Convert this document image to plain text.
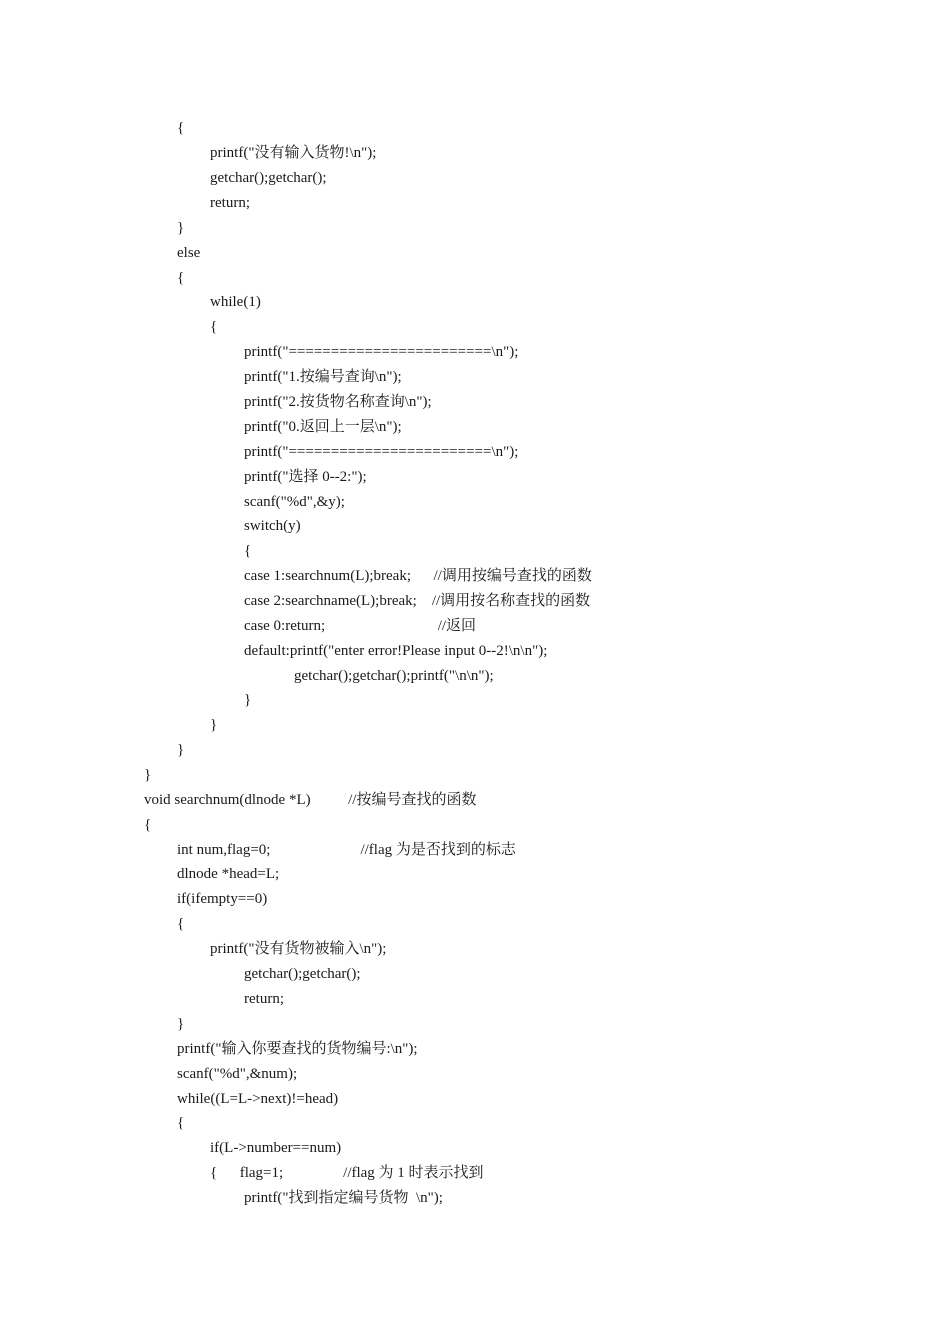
{
printf("没有输入货物!\n");
getchar();getchar();
return;
}
else
{
while(1)
{
printf("========================\n");
printf("1.按编号查询\n");
printf("2.按货物名称查询\n");
printf("0.返回上一层\n");
printf("========================\n");
printf("选择 0--2:");
scanf("%d",&y);
switch(y)
{
case 1:searchnum(L);break;      //调用按编号查找的函数
case 2:searchname(L);break;    //调用按名称查找的函数
case 0:return;                              //返回
default:printf("enter error!Please input 0--2!\n\n");
getchar();getchar();printf("\n\n");
}
}
}
}
void searchnum(dlnode *L)          //按编号查找的函数
{
int num,flag=0;                        //flag 为是否找到的标志
dlnode *head=L;
if(ifempty==0)
{
printf("没有货物被输入\n");
getchar();getchar();
return;
}
printf("输入你要查找的货物编号:\n");
scanf("%d",&num);
while((L=L->next)!=head)
{
if(L->number==num)
{      flag=1;                //flag 为 1 时表示找到
printf("找到指定编号货物  \n");
